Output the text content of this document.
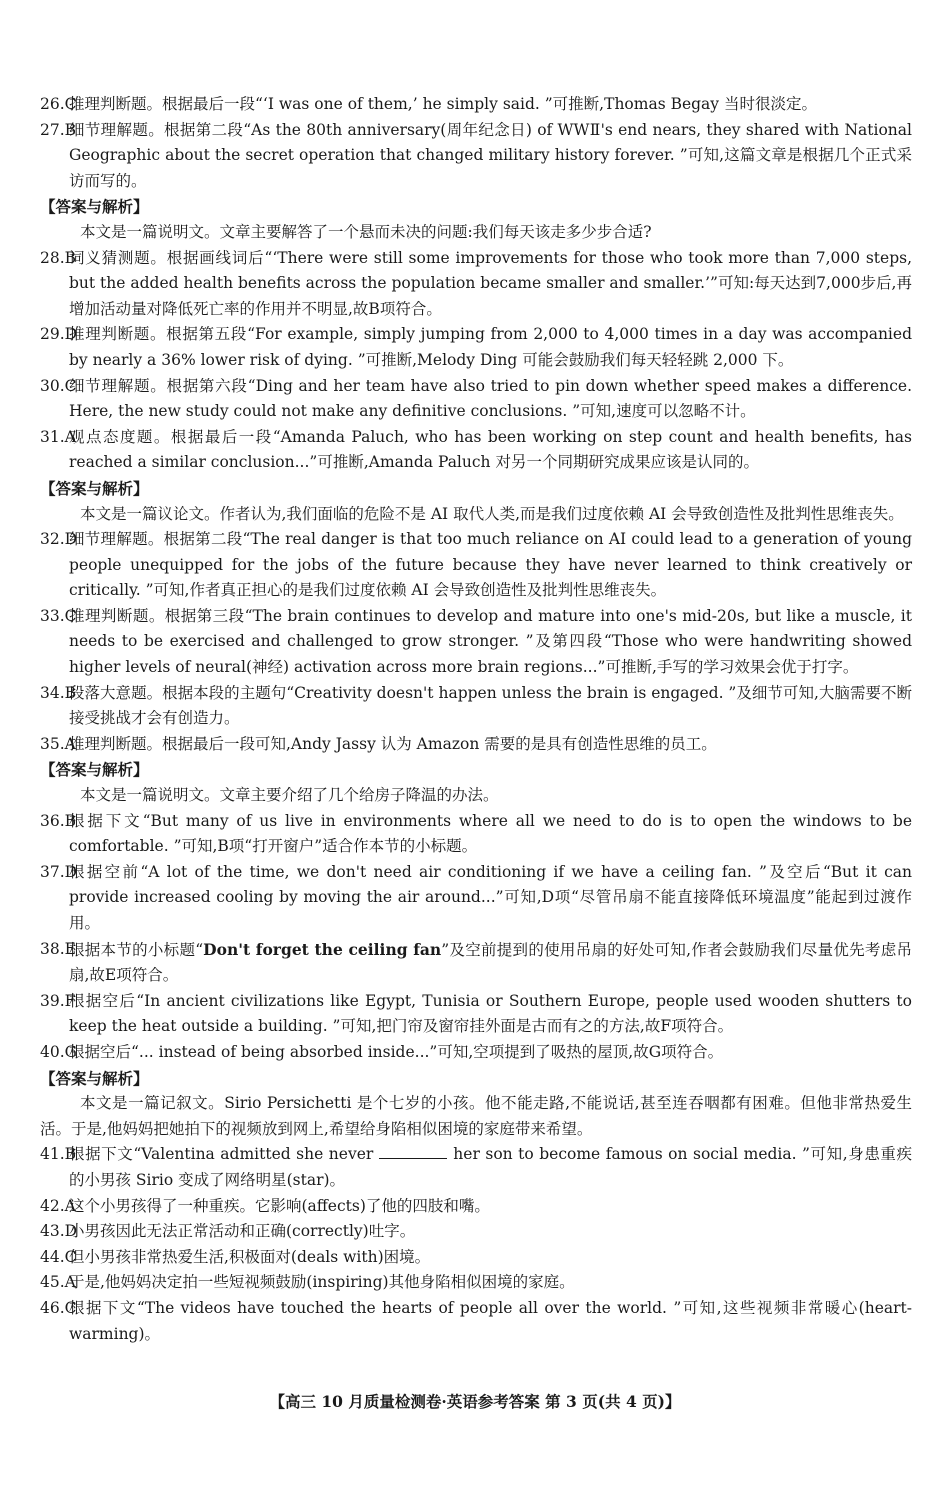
26.C
推理判断题。根据最后一段“‘I was one of them,’ he simply said. ”可推断,Thomas Begay 当时很淡定。
27.B
细节理解题。根据第二段“As the 80th anniversary(周年纪念日) of WWⅡ's end nears, they shared with National Geographic about the secret operation that changed military history forever. ”可知,这篇文章是根据几个正式采访而写的。
【答案与解析】
本文是一篇说明文。文章主要解答了一个悬而未决的问题:我们每天该走多少步合适?
28.B
词义猜测题。根据画线词后“‘There were still some improvements for those who took more than 7,000 steps, but the added health benefits across the population became smaller and smaller.’”可知:每天达到7,000步后,再增加活动量对降低死亡率的作用并不明显,故B项符合。
29.D
推理判断题。根据第五段“For example, simply jumping from 2,000 to 4,000 times in a day was accompanied by nearly a 36% lower risk of dying. ”可推断,Melody Ding 可能会鼓励我们每天轻轻跳 2,000 下。
30.C
细节理解题。根据第六段“Ding and her team have also tried to pin down whether speed makes a difference. Here, the new study could not make any definitive conclusions. ”可知,速度可以忽略不计。
31.A
观点态度题。根据最后一段“Amanda Paluch, who has been working on step count and health benefits, has reached a similar conclusion...”可推断,Amanda Paluch 对另一个同期研究成果应该是认同的。
【答案与解析】
本文是一篇议论文。作者认为,我们面临的危险不是 AI 取代人类,而是我们过度依赖 AI 会导致创造性及批判性思维丧失。
32.D
细节理解题。根据第二段“The real danger is that too much reliance on AI could lead to a generation of young people unequipped for the jobs of the future because they have never learned to think creatively or critically. ”可知,作者真正担心的是我们过度依赖 AI 会导致创造性及批判性思维丧失。
33.C
推理判断题。根据第三段“The brain continues to develop and mature into one's mid-20s, but like a muscle, it needs to be exercised and challenged to grow stronger. ”及第四段“Those who were handwriting showed higher levels of neural(神经) activation across more brain regions...”可推断,手写的学习效果会优于打字。
34.B
段落大意题。根据本段的主题句“Creativity doesn't happen unless the brain is engaged. ”及细节可知,大脑需要不断接受挑战才会有创造力。
35.A
推理判断题。根据最后一段可知,Andy Jassy 认为 Amazon 需要的是具有创造性思维的员工。
【答案与解析】
本文是一篇说明文。文章主要介绍了几个给房子降温的办法。
36.B
根据下文“But many of us live in environments where all we need to do is to open the windows to be comfortable. ”可知,B项“打开窗户”适合作本节的小标题。
37.D
根据空前“A lot of the time, we don't need air conditioning if we have a ceiling fan. ”及空后“But it can provide increased cooling by moving the air around...”可知,D项“尽管吊扇不能直接降低环境温度”能起到过渡作用。
38.E
根据本节的小标题“Don't forget the ceiling fan”及空前提到的使用吊扇的好处可知,作者会鼓励我们尽量优先考虑吊扇,故E项符合。
39.F
根据空后“In ancient civilizations like Egypt, Tunisia or Southern Europe, people used wooden shutters to keep the heat outside a building. ”可知,把门帘及窗帘挂外面是古而有之的方法,故F项符合。
40.G
根据空后“... instead of being absorbed inside...”可知,空项提到了吸热的屋顶,故G项符合。
【答案与解析】
本文是一篇记叙文。Sirio Persichetti 是个七岁的小孩。他不能走路,不能说话,甚至连吞咽都有困难。但他非常热爱生活。于是,他妈妈把她拍下的视频放到网上,希望给身陷相似困境的家庭带来希望。
41.B
根据下文“Valentina admitted she never	her son to become famous on social media. ”可知,身患重疾的小男孩 Sirio 变成了网络明星(star)。
42.A
这个小男孩得了一种重疾。它影响(affects)了他的四肢和嘴。
43.D
小男孩因此无法正常活动和正确(correctly)吐字。
44.C
但小男孩非常热爱生活,积极面对(deals with)困境。
45.A
于是,他妈妈决定拍一些短视频鼓励(inspiring)其他身陷相似困境的家庭。
46.C
根据下文“The videos have touched the hearts of people all over the world. ”可知,这些视频非常暖心(heart-warming)。
【高三 10 月质量检测卷·英语参考答案 第 3 页(共 4 页)】
